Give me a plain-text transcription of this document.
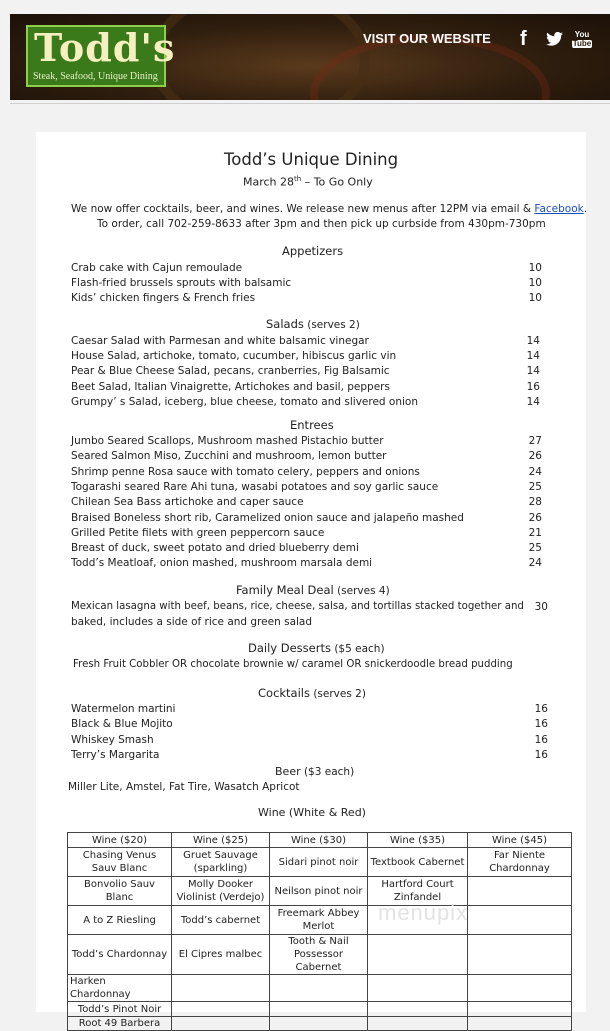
Todd's
Steak, Seafood, Unique Dining
VISIT OUR WEBSITE f	You
Tube
Todd’s Unique Dining
March 28th – To Go Only
We now offer cocktails, beer, and wines. We release new menus after 12PM via email & Facebook.
To order, call 702-259-8633 after 3pm and then pick up curbside from 430pm-730pm
Appetizers
Crab cake with Cajun remoulade	10
Flash-fried brussels sprouts with balsamic	10
Kids’ chicken fingers & French fries	10
Salads (serves 2)
Caesar Salad with Parmesan and white balsamic vinegar	14
House Salad, artichoke, tomato, cucumber, hibiscus garlic vin	14
Pear & Blue Cheese Salad, pecans, cranberries, Fig Balsamic	14
Beet Salad, Italian Vinaigrette, Artichokes and basil, peppers	16
Grumpy’ s Salad, iceberg, blue cheese, tomato and slivered onion	14
Entrees
Jumbo Seared Scallops, Mushroom mashed Pistachio butter	27
Seared Salmon Miso, Zucchini and mushroom, lemon butter	26
Shrimp penne Rosa sauce with tomato celery, peppers and onions	24
Togarashi seared Rare Ahi tuna, wasabi potatoes and soy garlic sauce	25
Chilean Sea Bass artichoke and caper sauce	28
Braised Boneless short rib, Caramelized onion sauce and jalapeño mashed	26
Grilled Petite filets with green peppercorn sauce	21
Breast of duck, sweet potato and dried blueberry demi	25
Todd’s Meatloaf, onion mashed, mushroom marsala demi	24
Family Meal Deal (serves 4)
Mexican lasagna with beef, beans, rice, cheese, salsa, and tortillas stacked together and	30
baked, includes a side of rice and green salad
Daily Desserts ($5 each)
Fresh Fruit Cobbler OR chocolate brownie w/ caramel OR snickerdoodle bread pudding
Cocktails (serves 2)
Watermelon martini	16
Black & Blue Mojito	16
Whiskey Smash	16
Terry’s Margarita	16
Beer ($3 each)
Miller Lite, Amstel, Fat Tire, Wasatch Apricot
Wine (White & Red)
Wine ($20)	Wine ($25)	Wine ($30)	Wine ($35)	Wine ($45)
Chasing Venus Sauv Blanc	Gruet Sauvage (sparkling)	Sidari pinot noir	Textbook Cabernet	Far Niente Chardonnay
Bonvolio Sauv Blanc	Molly Dooker Violinist (Verdejo)	Neilson pinot noir	Hartford Court Zinfandel	
A to Z Riesling	Todd’s cabernet	Freemark Abbey Merlot		
Todd’s Chardonnay	El Cipres malbec	Tooth & Nail Possessor Cabernet		
Harken Chardonnay				
Todd’s Pinot Noir				
Root 49 Barbera				
menupix
